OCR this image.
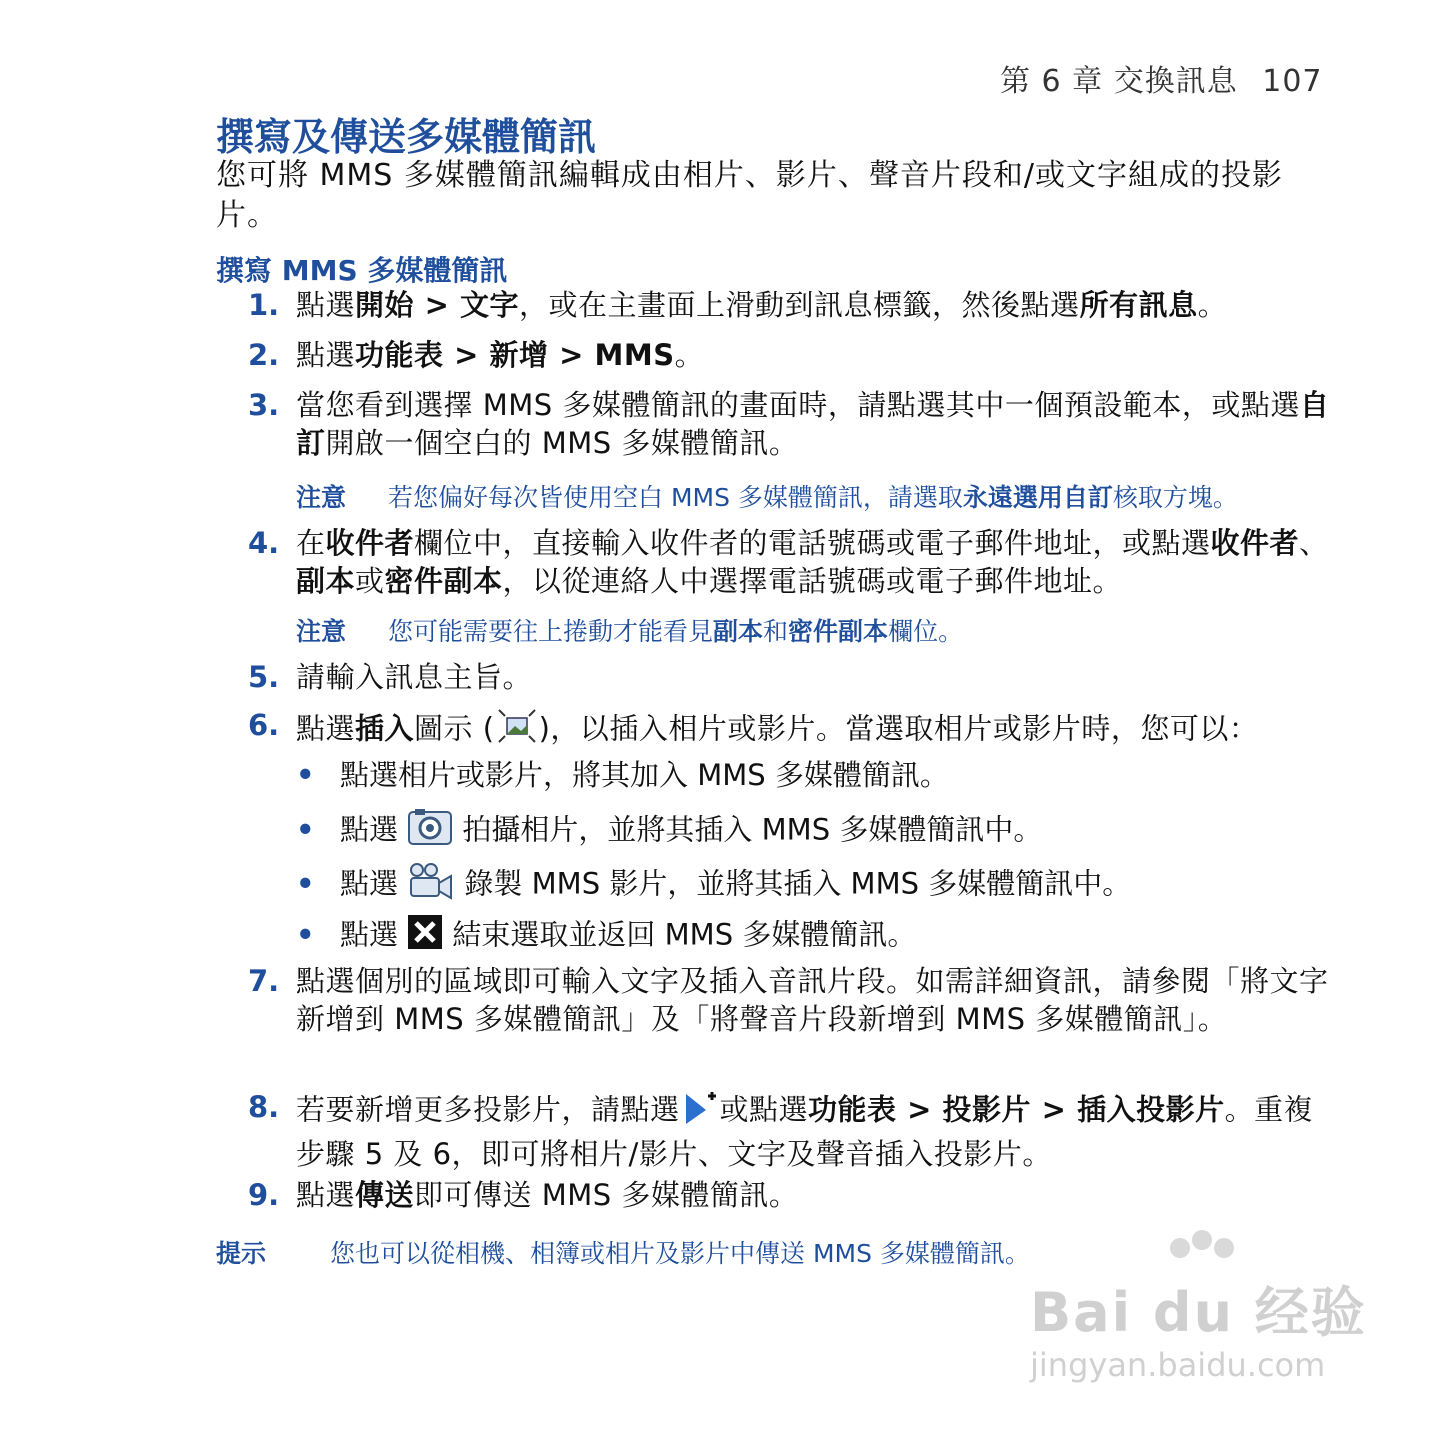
第 6 章 交換訊息 107
撰寫及傳送多媒體簡訊
您可將 MMS 多媒體簡訊編輯成由相片、影片、聲音片段和/或文字組成的投影片。
撰寫 MMS 多媒體簡訊
1. 點選開始 > 文字，或在主畫面上滑動到訊息標籤，然後點選所有訊息。
2. 點選功能表 > 新增 > MMS。
3. 當您看到選擇 MMS 多媒體簡訊的畫面時，請點選其中一個預設範本，或點選自訂開啟一個空白的 MMS 多媒體簡訊。
注意 若您偏好每次皆使用空白 MMS 多媒體簡訊，請選取永遠選用自訂核取方塊。
4. 在收件者欄位中，直接輸入收件者的電話號碼或電子郵件地址，或點選收件者、副本或密件副本，以從連絡人中選擇電話號碼或電子郵件地址。
注意 您可能需要往上捲動才能看見副本和密件副本欄位。
5. 請輸入訊息主旨。
6. 點選插入圖示 ( )，以插入相片或影片。當選取相片或影片時，您可以：
• 點選相片或影片，將其加入 MMS 多媒體簡訊。
• 點選  拍攝相片，並將其插入 MMS 多媒體簡訊中。
• 點選  錄製 MMS 影片，並將其插入 MMS 多媒體簡訊中。
• 點選  結束選取並返回 MMS 多媒體簡訊。
7. 點選個別的區域即可輸入文字及插入音訊片段。如需詳細資訊，請參閱「將文字新增到 MMS 多媒體簡訊」及「將聲音片段新增到 MMS 多媒體簡訊」。
8. 若要新增更多投影片，請點選 或點選功能表 > 投影片 > 插入投影片。重複步驟 5 及 6，即可將相片/影片、文字及聲音插入投影片。
9. 點選傳送即可傳送 MMS 多媒體簡訊。
提示	您也可以從相機、相簿或相片及影片中傳送 MMS 多媒體簡訊。
Bai du 经验
jingyan.baidu.com
